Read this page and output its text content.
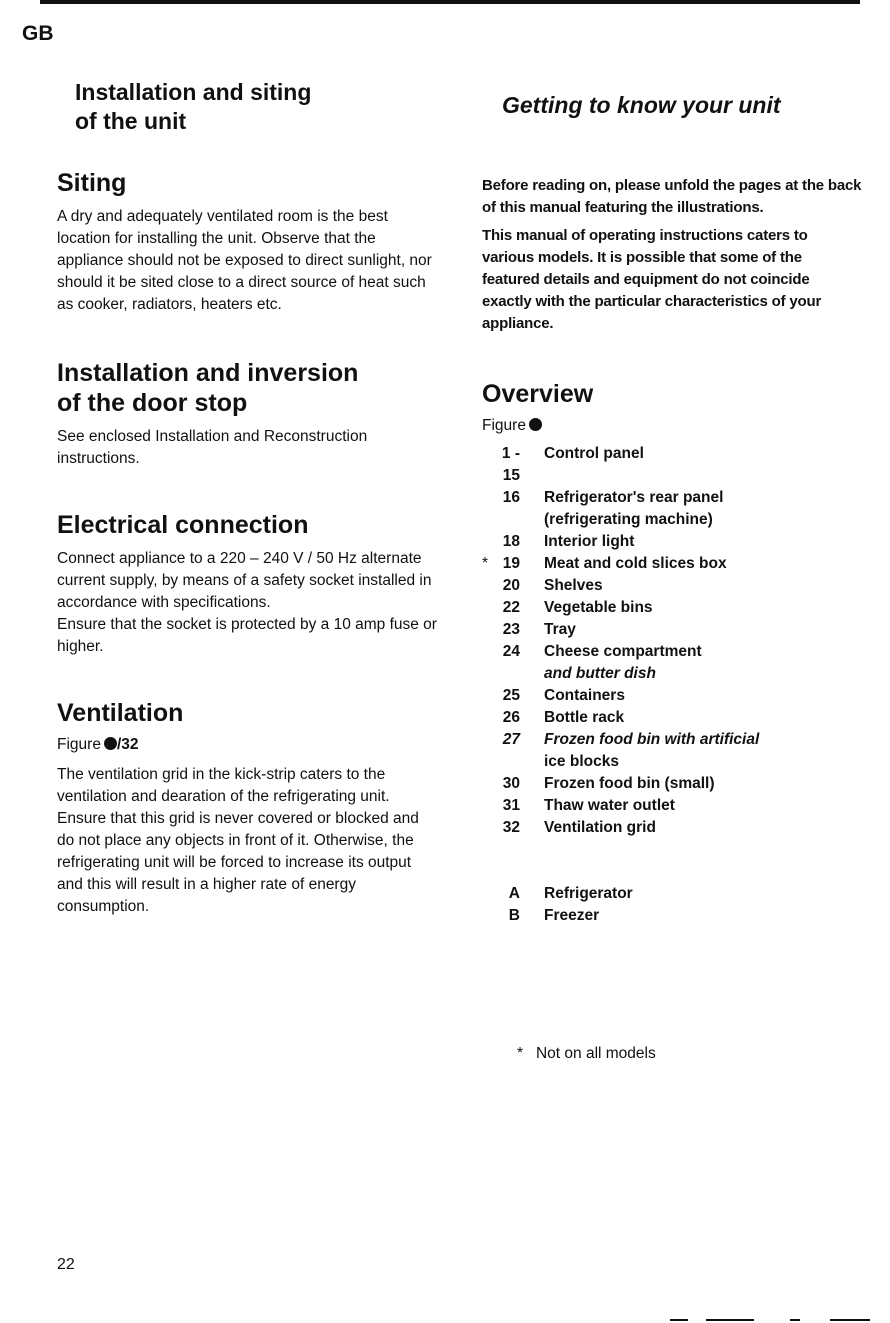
GB
Installation and siting
of the unit
Getting to know your unit
Siting

A dry and adequately ventilated room is the best location for installing the unit. Observe that the appliance should not be exposed to direct sunlight, nor should it be sited close to a direct source of heat such as cooker, radiators, heaters etc.

Installation and inversion
of the door stop

See enclosed Installation and Reconstruction instructions.

Electrical connection

Connect appliance to a 220 – 240 V / 50 Hz alternate current supply, by means of a safety socket installed in accordance with specifications.

Ensure that the socket is protected by a 10 amp fuse or higher.

Ventilation
Figure /32

The ventilation grid in the kick-strip caters to the ventilation and dearation of the refrigerating unit. Ensure that this grid is never covered or blocked and do not place any objects in front of it. Otherwise, the refrigerating unit will be forced to increase its output and this will result in a higher rate of energy consumption.

Before reading on, please unfold the pages at the back of this manual featuring the illustrations.

This manual of operating instructions caters to various models. It is possible that some of the featured details and equipment do not coincide exactly with the particular characteristics of your appliance.

Overview
Figure
1 - 15
Control panel
16 Refrigerator's rear panel
(refrigerating machine)
18 Interior light
* 19 Meat and cold slices box
20 Shelves
22 Vegetable bins
23 Tray
24 Cheese compartment
and butter dish
25 Containers
26 Bottle rack
27 Frozen food bin with artificial
ice blocks
30 Frozen food bin (small)
31 Thaw water outlet
32 Ventilation grid
A Refrigerator
B Freezer
* Not on all models
22
